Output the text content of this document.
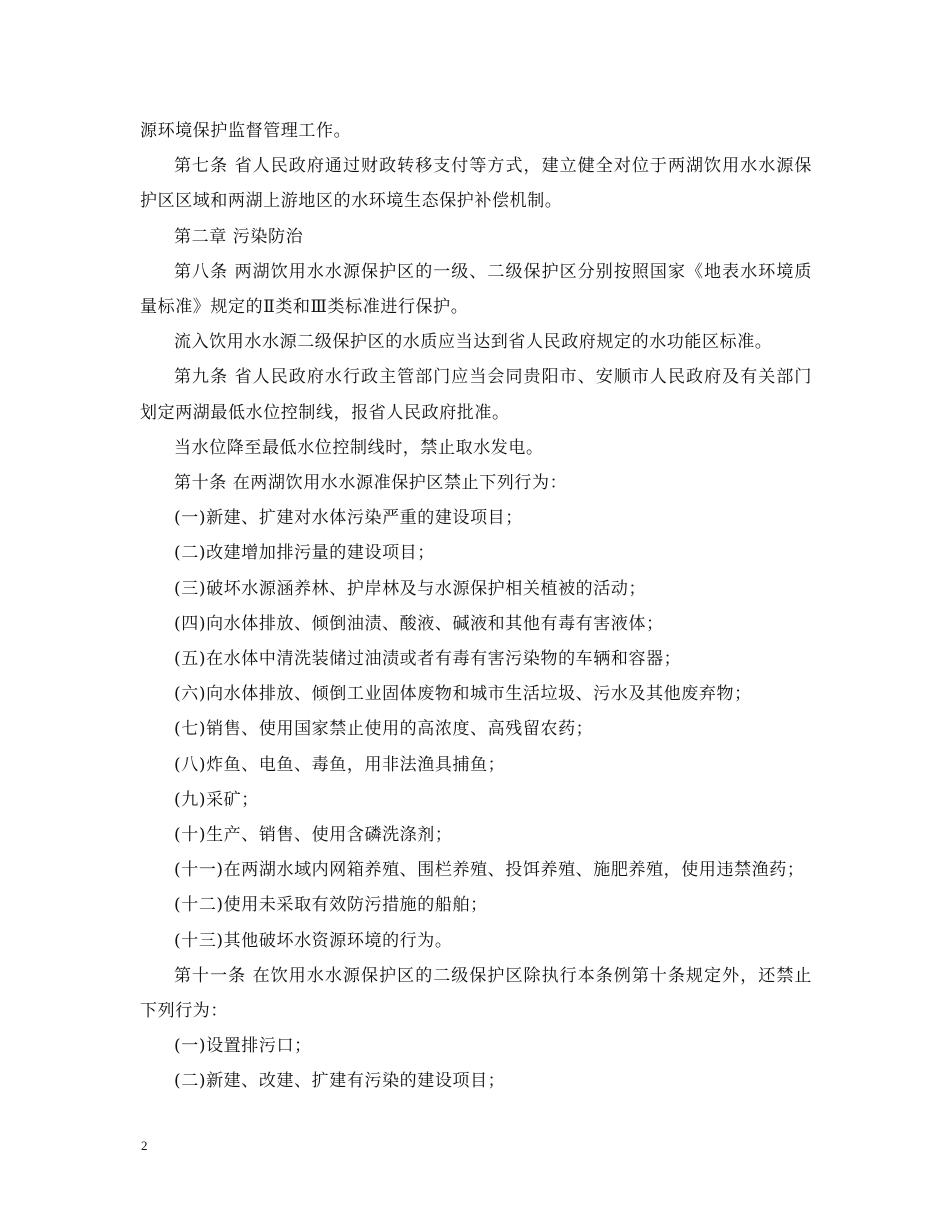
源环境保护监督管理工作。

第七条 省人民政府通过财政转移支付等方式，建立健全对位于两湖饮用水水源保护区区域和两湖上游地区的水环境生态保护补偿机制。

第二章 污染防治

第八条 两湖饮用水水源保护区的一级、二级保护区分别按照国家《地表水环境质量标准》规定的Ⅱ类和Ⅲ类标准进行保护。

流入饮用水水源二级保护区的水质应当达到省人民政府规定的水功能区标准。

第九条 省人民政府水行政主管部门应当会同贵阳市、安顺市人民政府及有关部门划定两湖最低水位控制线，报省人民政府批准。

当水位降至最低水位控制线时，禁止取水发电。

第十条 在两湖饮用水水源准保护区禁止下列行为：

(一)新建、扩建对水体污染严重的建设项目；

(二)改建增加排污量的建设项目；

(三)破坏水源涵养林、护岸林及与水源保护相关植被的活动；

(四)向水体排放、倾倒油渍、酸液、碱液和其他有毒有害液体；

(五)在水体中清洗装储过油渍或者有毒有害污染物的车辆和容器；

(六)向水体排放、倾倒工业固体废物和城市生活垃圾、污水及其他废弃物；

(七)销售、使用国家禁止使用的高浓度、高残留农药；

(八)炸鱼、电鱼、毒鱼，用非法渔具捕鱼；

(九)采矿；

(十)生产、销售、使用含磷洗涤剂；

(十一)在两湖水域内网箱养殖、围栏养殖、投饵养殖、施肥养殖，使用违禁渔药；

(十二)使用未采取有效防污措施的船舶；

(十三)其他破坏水资源环境的行为。

第十一条 在饮用水水源保护区的二级保护区除执行本条例第十条规定外，还禁止下列行为：

(一)设置排污口；

(二)新建、改建、扩建有污染的建设项目；

2
